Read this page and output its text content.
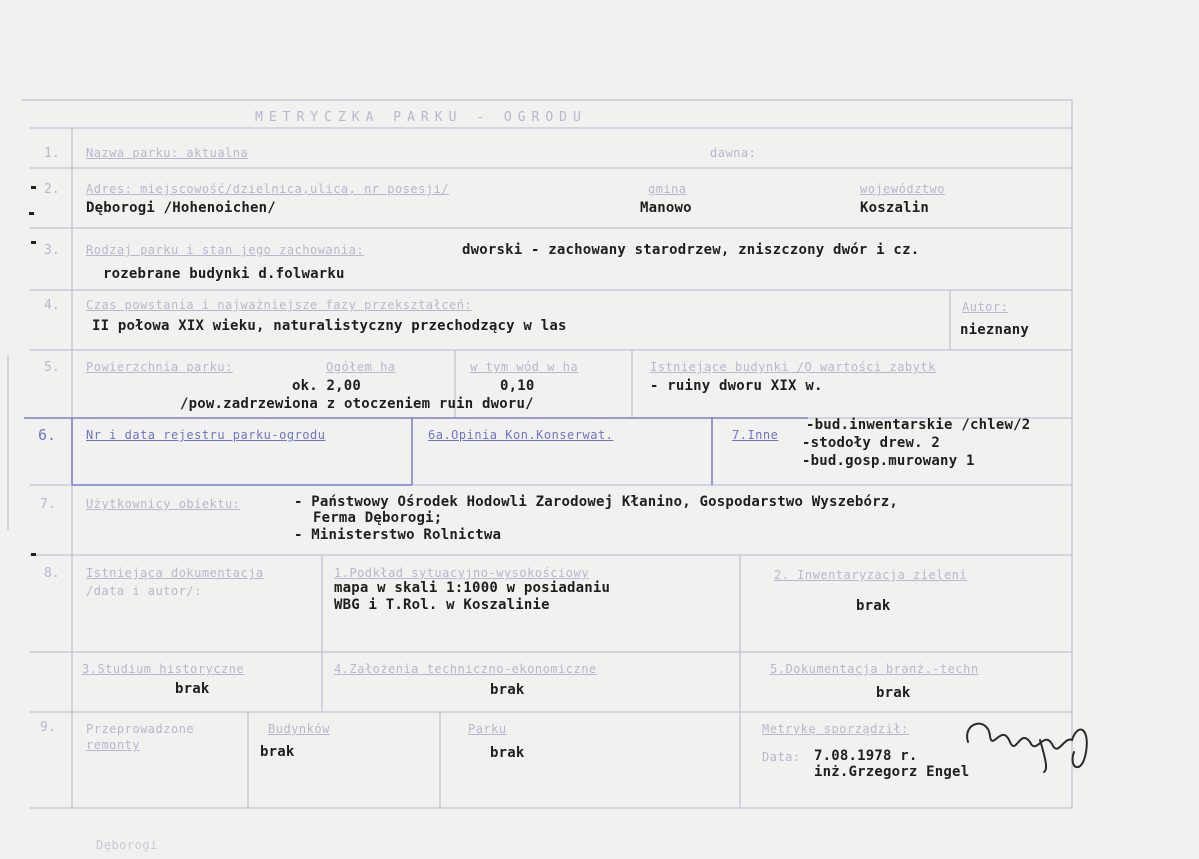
METRYCZKA PARKU - OGRODU
1. Nazwa parku: aktualna	dawna:
2. Adres: miejscowość/dzielnica,ulica, nr posesji/	gmina	województwo
Dęborogi /Hohenoichen/	Manowo	Koszalin
3. Rodzaj parku i stan jego zachowania:	dworski - zachowany starodrzew, zniszczony dwór i cz.
rozebrane budynki d.folwarku
4. Czas powstania i najważniejsze fazy przekształceń:	Autor:
II połowa XIX wieku, naturalistyczny przechodzący w las	nieznany
5. Powierzchnia parku:	Ogółem ha	w tym wód w ha	Istniejące budynki /O wartości zabytk
ok. 2,00	0,10	- ruiny dworu XIX w.
/pow.zadrzewiona z otoczeniem ruin dworu/
6. Nr i data rejestru parku-ogrodu	6a.Opinia Kon.Konserwat.	7.Inne
-bud.inwentarskie /chlew/2
-stodoły drew. 2
-bud.gosp.murowany 1
7.	Użytkownicy obiektu:	- Państwowy Ośrodek Hodowli Zarodowej Kłanino, Gospodarstwo Wyszebórz,
Ferma Dęborogi;
- Ministerstwo Rolnictwa
8. Istniejąca dokumentacja
/data i autor/:
1.Podkład sytuacyjno-wysokościowy
mapa w skali 1:1000 w posiadaniu
WBG i T.Rol. w Koszalinie
2. Inwentaryzacja zieleni
brak
3.Studium historyczne
brak
4.Założenia techniczno-ekonomiczne
brak
5.Dokumentacja branż.-techn
brak
9.	Przeprowadzone
remonty
Budynków
brak
Parku
brak
Metrykę sporządził:
Data: 7.08.1978 r.
inż.Grzegorz Engel
Dęborogi
